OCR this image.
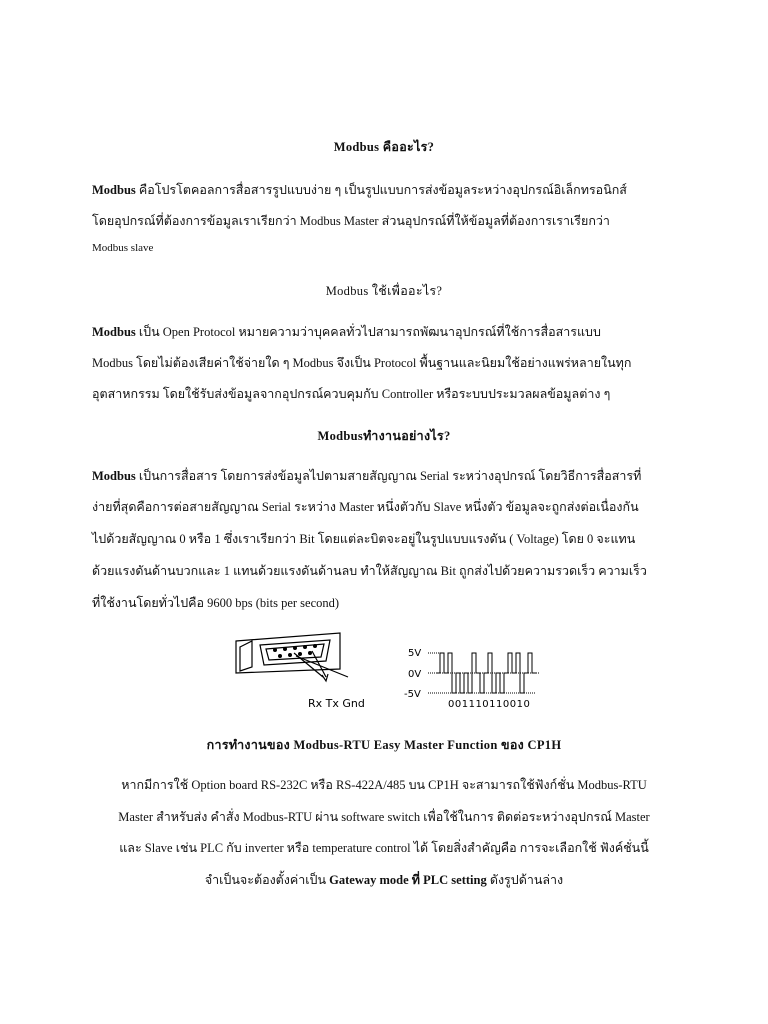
Modbus คืออะไร?
Modbus คือโปรโตคอลการสื่อสารรูปแบบง่าย ๆ เป็นรูปแบบการส่งข้อมูลระหว่างอุปกรณ์อิเล็กทรอนิกส์
โดยอุปกรณ์ที่ต้องการข้อมูลเราเรียกว่า Modbus Master ส่วนอุปกรณ์ที่ให้ข้อมูลที่ต้องการเราเรียกว่า
Modbus slave
Modbus ใช้เพื่ออะไร?
Modbus เป็น Open Protocol หมายความว่าบุคคลทั่วไปสามารถพัฒนาอุปกรณ์ที่ใช้การสื่อสารแบบ
Modbus โดยไม่ต้องเสียค่าใช้จ่ายใด ๆ Modbus จึงเป็น Protocol พื้นฐานและนิยมใช้อย่างแพร่หลายในทุก
อุตสาหกรรม โดยใช้รับส่งข้อมูลจากอุปกรณ์ควบคุมกับ Controller หรือระบบประมวลผลข้อมูลต่าง ๆ
Modbusทำงานอย่างไร?
Modbus เป็นการสื่อสาร โดยการส่งข้อมูลไปตามสายสัญญาณ Serial ระหว่างอุปกรณ์ โดยวิธีการสื่อสารที่
ง่ายที่สุดคือการต่อสายสัญญาณ Serial ระหว่าง Master หนึ่งตัวกับ Slave หนึ่งตัว ข้อมูลจะถูกส่งต่อเนื่องกัน
ไปด้วยสัญญาณ 0 หรือ 1 ซึ่งเราเรียกว่า Bit โดยแต่ละบิตจะอยู่ในรูปแบบแรงดัน ( Voltage) โดย 0 จะแทน
ด้วยแรงดันด้านบวกและ 1 แทนด้วยแรงดันด้านลบ ทำให้สัญญาณ Bit ถูกส่งไปด้วยความรวดเร็ว ความเร็ว
ที่ใช้งานโดยทั่วไปคือ 9600 bps (bits per second)
Rx Tx Gnd
5V
0V
-5V
001110110010
การทำงานของ Modbus-RTU Easy Master Function ของ CP1H
หากมีการใช้ Option board RS-232C หรือ RS-422A/485 บน CP1H จะสามารถใช้ฟังก์ชั่น Modbus-RTU
Master สำหรับส่ง คำสั่ง Modbus-RTU ผ่าน software switch เพื่อใช้ในการ ติดต่อระหว่างอุปกรณ์ Master
และ Slave เช่น PLC กับ inverter หรือ temperature control ได้ โดยสิ่งสำคัญคือ การจะเลือกใช้ ฟังค์ชั่นนี้
จำเป็นจะต้องตั้งค่าเป็น Gateway mode ที่ PLC setting ดังรูปด้านล่าง
